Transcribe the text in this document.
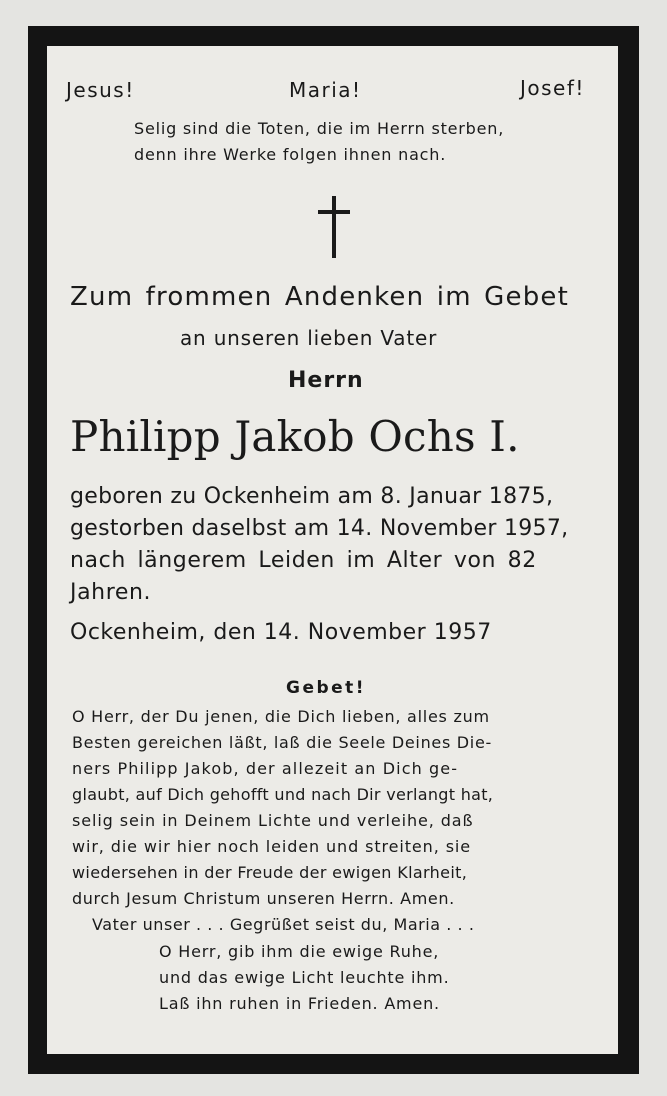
Jesus!	Maria!	Josef!
Selig sind die Toten, die im Herrn sterben,
denn ihre Werke folgen ihnen nach.
Zum frommen Andenken im Gebet
an unseren lieben Vater
Herrn
Philipp Jakob Ochs I.
geboren zu Ockenheim am 8. Januar 1875,
gestorben daselbst am 14. November 1957,
nach längerem Leiden im Alter von 82
Jahren.
Ockenheim, den 14. November 1957
Gebet!
O Herr, der Du jenen, die Dich lieben, alles zum
Besten gereichen läßt, laß die Seele Deines Die-
ners Philipp Jakob, der allezeit an Dich ge-
glaubt, auf Dich gehofft und nach Dir verlangt hat,
selig sein in Deinem Lichte und verleihe, daß
wir, die wir hier noch leiden und streiten, sie
wiedersehen in der Freude der ewigen Klarheit,
durch Jesum Christum unseren Herrn. Amen.
Vater unser . . . Gegrüßet seist du, Maria . . .
O Herr, gib ihm die ewige Ruhe,
und das ewige Licht leuchte ihm.
Laß ihn ruhen in Frieden. Amen.
